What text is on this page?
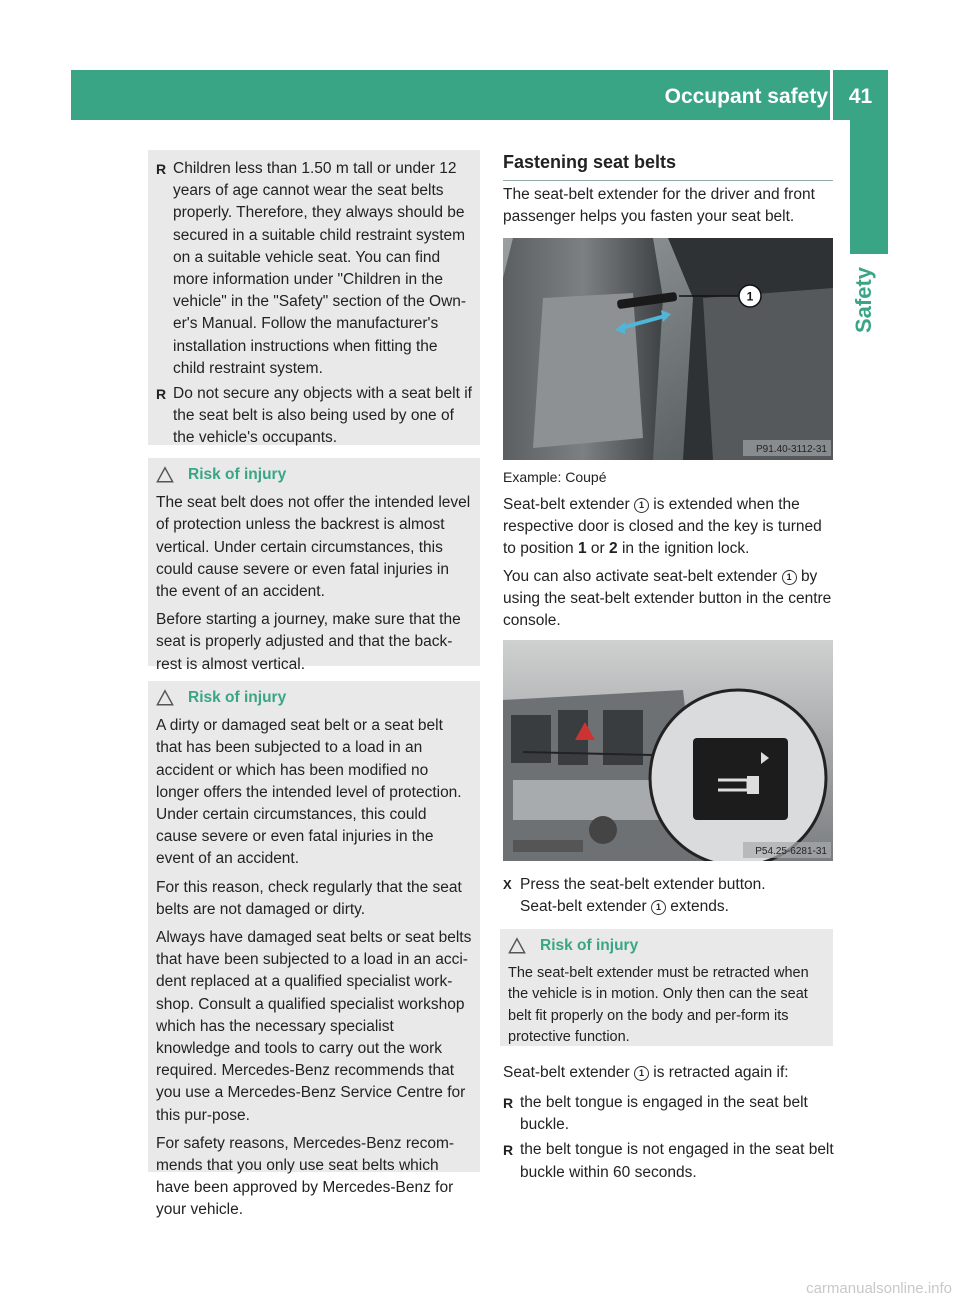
Occupant safety 41
Safety
R Children less than 1.50 m tall or under 12 years of age cannot wear the seat belts properly. Therefore, they always should be secured in a suitable child restraint system on a suitable vehicle seat. You can find more information under "Children in the vehicle" in the "Safety" section of the Own-er's Manual. Follow the manufacturer's installation instructions when fitting the child restraint system.
R Do not secure any objects with a seat belt if the seat belt is also being used by one of the vehicle's occupants.
Risk of injury

The seat belt does not offer the intended level of protection unless the backrest is almost vertical. Under certain circumstances, this could cause severe or even fatal injuries in the event of an accident.

Before starting a journey, make sure that the seat is properly adjusted and that the back-rest is almost vertical.

Risk of injury

A dirty or damaged seat belt or a seat belt that has been subjected to a load in an accident or which has been modified no longer offers the intended level of protection. Under certain circumstances, this could cause severe or even fatal injuries in the event of an accident.

For this reason, check regularly that the seat belts are not damaged or dirty.

Always have damaged seat belts or seat belts that have been subjected to a load in an acci-dent replaced at a qualified specialist work-shop. Consult a qualified specialist workshop which has the necessary specialist knowledge and tools to carry out the work required. Mercedes-Benz recommends that you use a Mercedes-Benz Service Centre for this pur-pose.

For safety reasons, Mercedes-Benz recom-mends that you only use seat belts which have been approved by Mercedes-Benz for your vehicle.

Fastening seat belts

The seat-belt extender for the driver and front passenger helps you fasten your seat belt.

1
P91.40-3112-31
Example: Coupé
Seat-belt extender 1 is extended when the respective door is closed and the key is turned to position 1 or 2 in the ignition lock.
You can also activate seat-belt extender 1 by using the seat-belt extender button in the centre console.
P54.25-6281-31
X Press the seat-belt extender button.
Seat-belt extender 1 extends.
Risk of injury

The seat-belt extender must be retracted when the vehicle is in motion. Only then can the seat belt fit properly on the body and per-form its protective function.

Seat-belt extender 1 is retracted again if:
R the belt tongue is engaged in the seat belt buckle.
R the belt tongue is not engaged in the seat belt buckle within 60 seconds.
carmanualsonline.info
